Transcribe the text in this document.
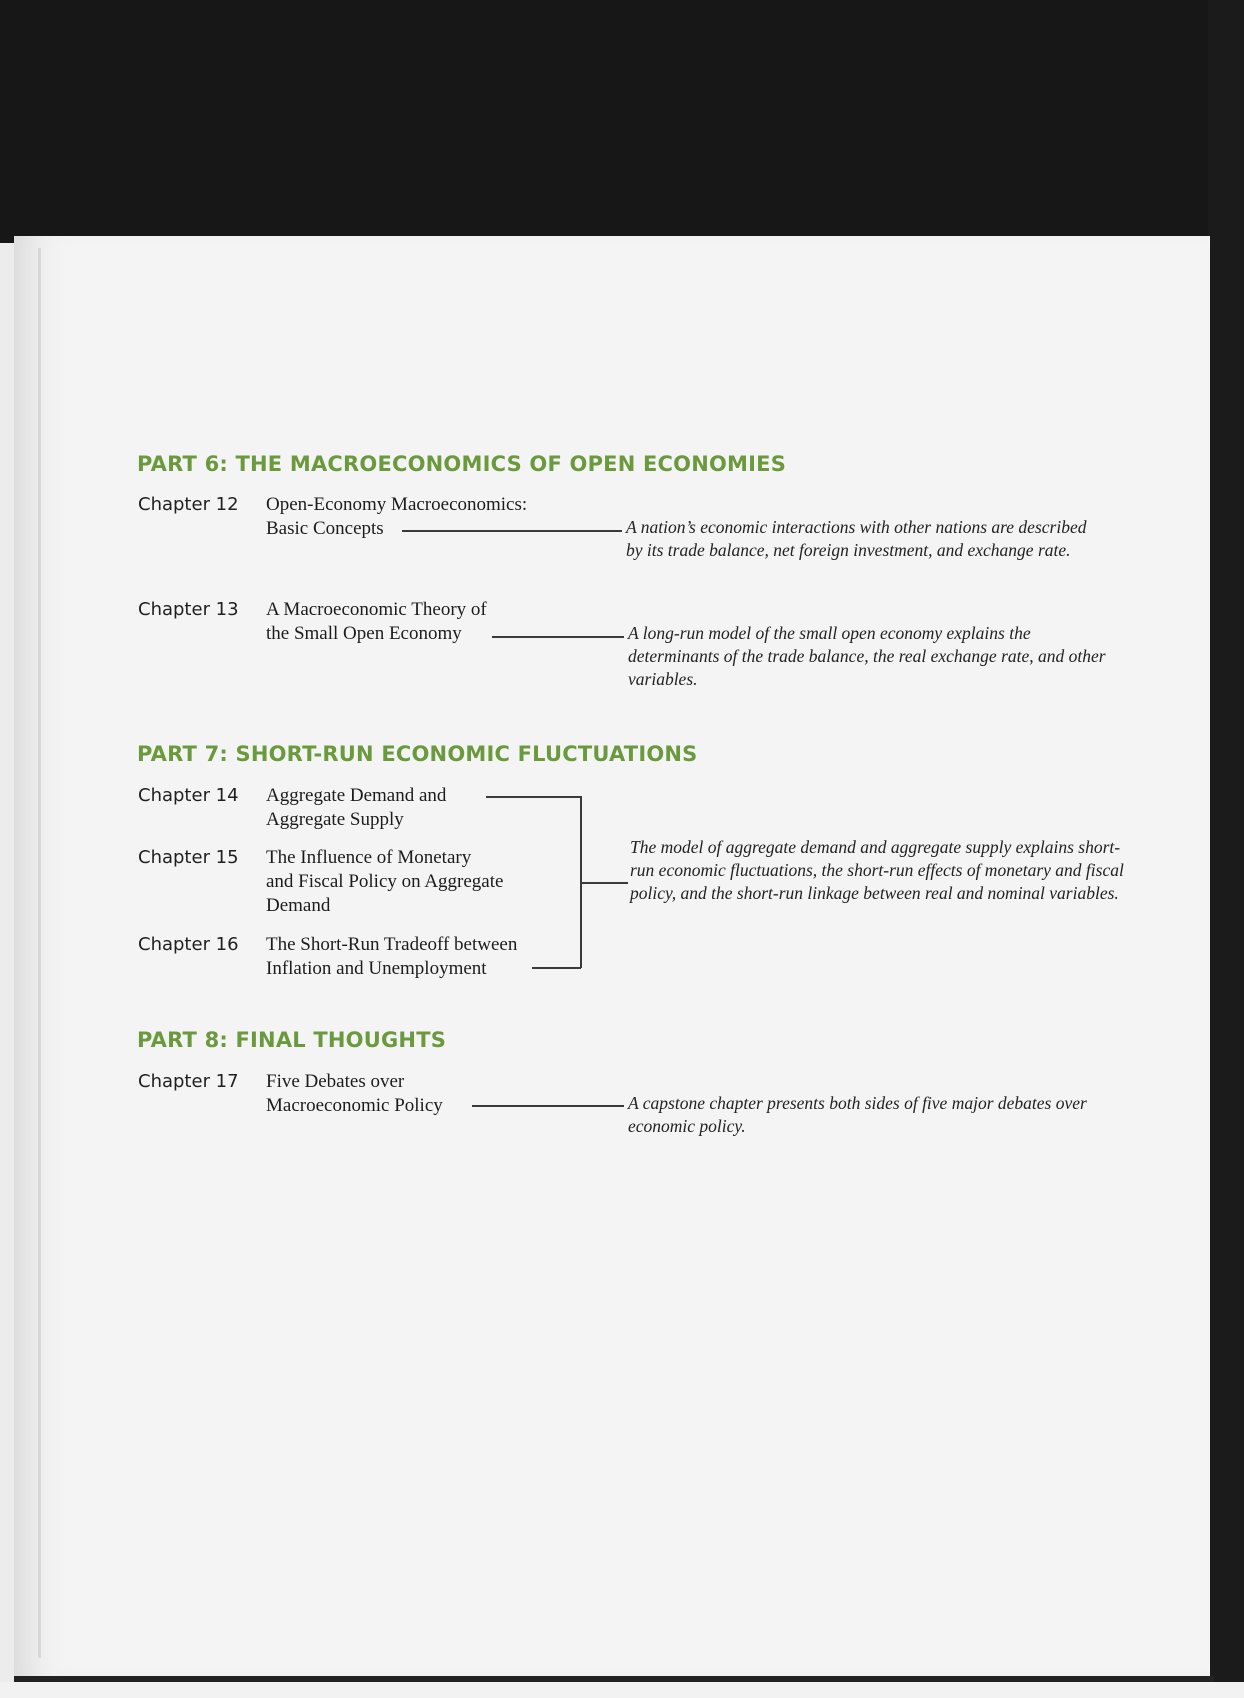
PART 6: THE MACROECONOMICS OF OPEN ECONOMIES
Chapter 12 Open-Economy Macroeconomics:
Basic Concepts	A nation’s economic interactions with other nations are described by its trade balance, net foreign investment, and exchange rate.
Chapter 13 A Macroeconomic Theory of
the Small Open Economy	A long-run model of the small open economy explains the determinants of the trade balance, the real exchange rate, and other variables.
PART 7: SHORT-RUN ECONOMIC FLUCTUATIONS
Chapter 14 Aggregate Demand and
Aggregate Supply
Chapter 15 The Influence of Monetary
and Fiscal Policy on Aggregate
Demand
Chapter 16 The Short-Run Tradeoff between
Inflation and Unemployment
The model of aggregate demand and aggregate supply explains short-run economic fluctuations, the short-run effects of monetary and fiscal policy, and the short-run linkage between real and nominal variables.
PART 8: FINAL THOUGHTS
Chapter 17 Five Debates over
Macroeconomic Policy	A capstone chapter presents both sides of five major debates over economic policy.
